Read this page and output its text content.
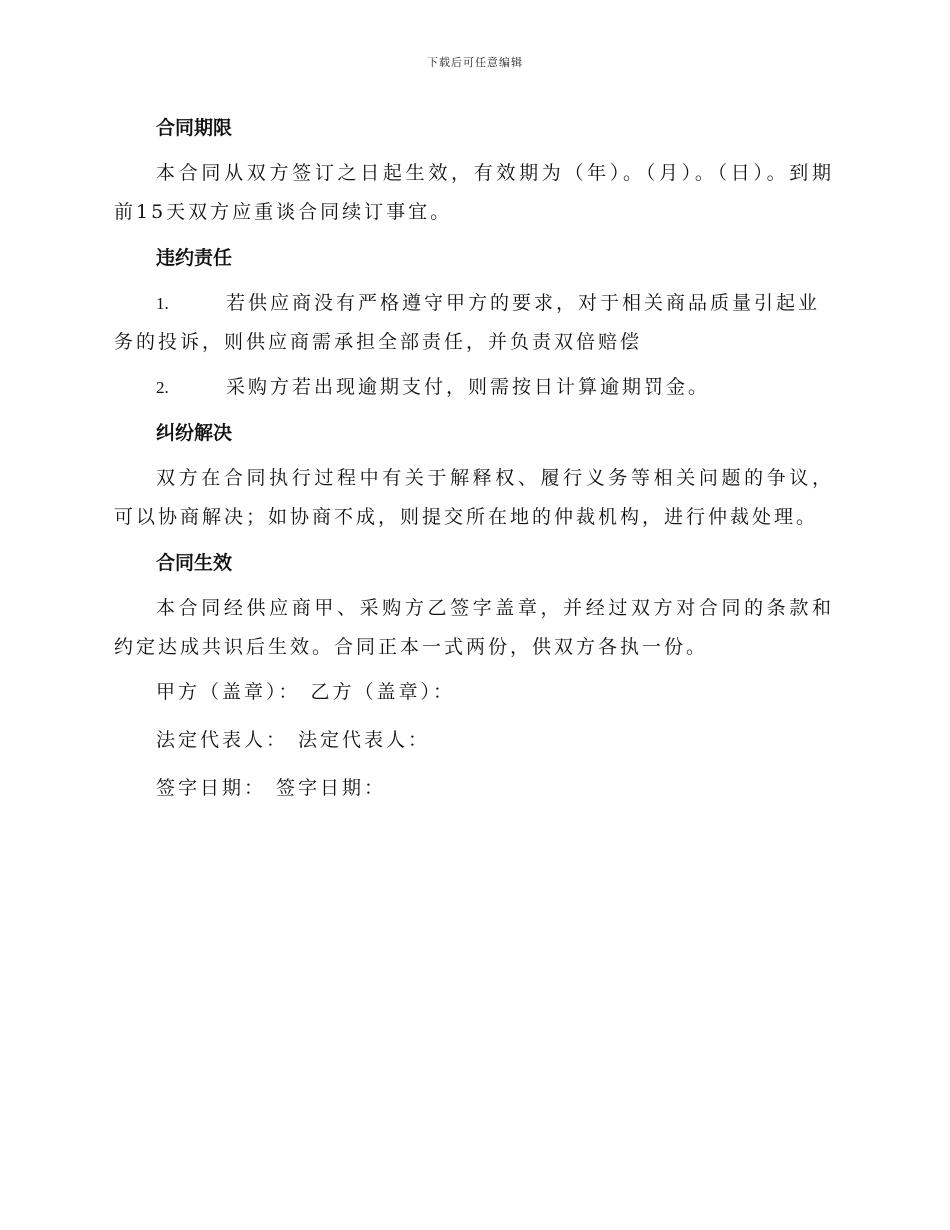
下载后可任意编辑
合同期限

本合同从双方签订之日起生效，有效期为（年）。（月）。（日）。到期前15天双方应重谈合同续订事宜。

违约责任

1.	若供应商没有严格遵守甲方的要求，对于相关商品质量引起业务的投诉，则供应商需承担全部责任，并负责双倍赔偿

2.	采购方若出现逾期支付，则需按日计算逾期罚金。

纠纷解决

双方在合同执行过程中有关于解释权、履行义务等相关问题的争议，可以协商解决；如协商不成，则提交所在地的仲裁机构，进行仲裁处理。

合同生效

本合同经供应商甲、采购方乙签字盖章，并经过双方对合同的条款和约定达成共识后生效。合同正本一式两份，供双方各执一份。

甲方（盖章）： 乙方（盖章）：
法定代表人： 法定代表人：
签字日期： 签字日期：
